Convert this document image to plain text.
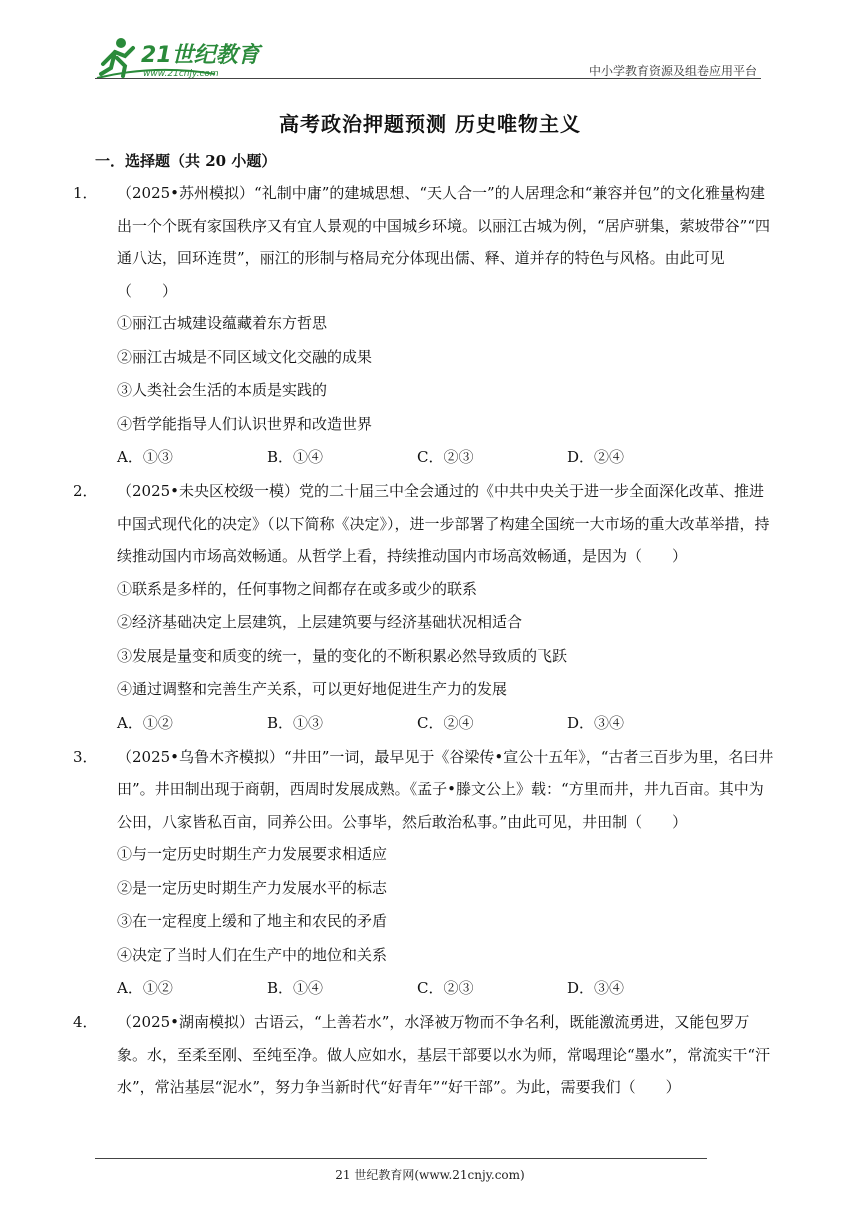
21世纪教育
www.21cnjy.com	中小学教育资源及组卷应用平台
高考政治押题预测 历史唯物主义
一．选择题（共 20 小题）
1． （2025•苏州模拟）“礼制中庸”的建城思想、“天人合一”的人居理念和“兼容并包”的文化雅量构建出一个个既有家国秩序又有宜人景观的中国城乡环境。以丽江古城为例，“居庐骈集，萦坡带谷”“四通八达，回环连贯”，丽江的形制与格局充分体现出儒、释、道并存的特色与风格。由此可见（　　）
①丽江古城建设蕴藏着东方哲思
②丽江古城是不同区域文化交融的成果
③人类社会生活的本质是实践的
④哲学能指导人们认识世界和改造世界
A．①③	B．①④	C．②③	D．②④
2． （2025•未央区校级一模）党的二十届三中全会通过的《中共中央关于进一步全面深化改革、推进中国式现代化的决定》（以下简称《决定》），进一步部署了构建全国统一大市场的重大改革举措，持续推动国内市场高效畅通。从哲学上看，持续推动国内市场高效畅通，是因为（　　）
①联系是多样的，任何事物之间都存在或多或少的联系
②经济基础决定上层建筑，上层建筑要与经济基础状况相适合
③发展是量变和质变的统一，量的变化的不断积累必然导致质的飞跃
④通过调整和完善生产关系，可以更好地促进生产力的发展
A．①②	B．①③	C．②④	D．③④
3． （2025•乌鲁木齐模拟）“井田”一词，最早见于《谷梁传•宣公十五年》，“古者三百步为里，名曰井田”。井田制出现于商朝，西周时发展成熟。《孟子•滕文公上》载：“方里而井，井九百亩。其中为公田，八家皆私百亩，同养公田。公事毕，然后敢治私事。”由此可见，井田制（　　）
①与一定历史时期生产力发展要求相适应
②是一定历史时期生产力发展水平的标志
③在一定程度上缓和了地主和农民的矛盾
④决定了当时人们在生产中的地位和关系
A．①②	B．①④	C．②③	D．③④
4． （2025•湖南模拟）古语云，“上善若水”，水泽被万物而不争名利，既能激流勇进，又能包罗万象。水，至柔至刚、至纯至净。做人应如水，基层干部要以水为师，常喝理论“墨水”，常流实干“汗水”，常沾基层“泥水”，努力争当新时代“好青年”“好干部”。为此，需要我们（　　）
21 世纪教育网(www.21cnjy.com)
